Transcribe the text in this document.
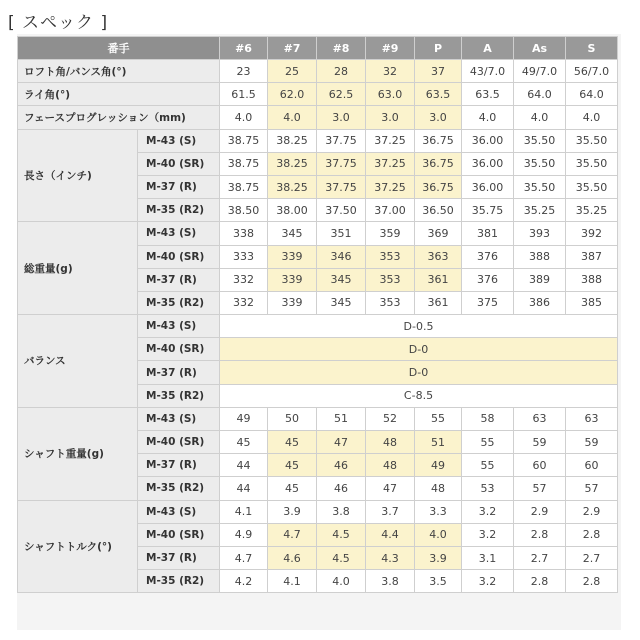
[ スペック ]
番手		#6	#7	#8	#9	P	A	As	S
ロフト角/バンス角(°)		23	25	28	32	37	43/7.0	49/7.0	56/7.0
ライ角(°)		61.5	62.0	62.5	63.0	63.5	63.5	64.0	64.0
フェースプログレッション（mm)		4.0	4.0	3.0	3.0	3.0	4.0	4.0	4.0
長さ（インチ)	M-43 (S)	38.75	38.25	37.75	37.25	36.75	36.00	35.50	35.50
	M-40 (SR)	38.75	38.25	37.75	37.25	36.75	36.00	35.50	35.50
	M-37 (R)	38.75	38.25	37.75	37.25	36.75	36.00	35.50	35.50
	M-35 (R2)	38.50	38.00	37.50	37.00	36.50	35.75	35.25	35.25
総重量(g)	M-43 (S)	338	345	351	359	369	381	393	392
	M-40 (SR)	333	339	346	353	363	376	388	387
	M-37 (R)	332	339	345	353	361	376	389	388
	M-35 (R2)	332	339	345	353	361	375	386	385
バランス	M-43 (S)	D-0.5							
	M-40 (SR)	D-0							
	M-37 (R)	D-0							
	M-35 (R2)	C-8.5							
シャフト重量(g)	M-43 (S)	49	50	51	52	55	58	63	63
	M-40 (SR)	45	45	47	48	51	55	59	59
	M-37 (R)	44	45	46	48	49	55	60	60
	M-35 (R2)	44	45	46	47	48	53	57	57
シャフトトルク(°)	M-43 (S)	4.1	3.9	3.8	3.7	3.3	3.2	2.9	2.9
	M-40 (SR)	4.9	4.7	4.5	4.4	4.0	3.2	2.8	2.8
	M-37 (R)	4.7	4.6	4.5	4.3	3.9	3.1	2.7	2.7
	M-35 (R2)	4.2	4.1	4.0	3.8	3.5	3.2	2.8	2.8
